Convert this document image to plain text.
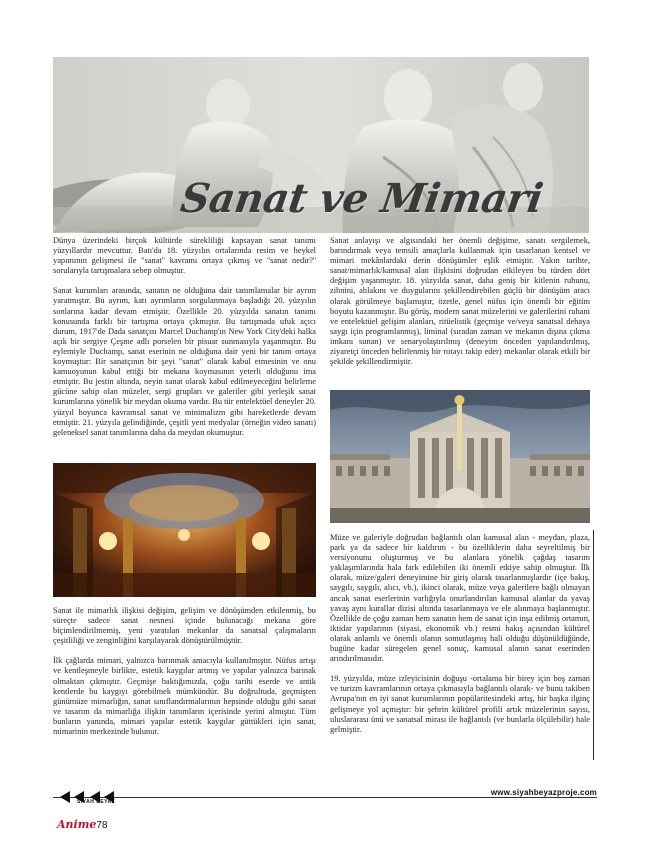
Sanat ve Mimari

Dünya üzerindeki birçok kültürde sürekliliği kapsayan sanat tanımı yüzyıllardır mevcuttur. Batı'da 18. yüzyılın ortalarında resim ve heykel yapımının gelişmesi ile "sanat" kavramı ortaya çıkmış ve ''sanat nedir?'' sorularıyla tartışmalara sebep olmuştur.

Sanat kurumları arasında, sanatın ne olduğuna dair tanımlamalar bir ayrım yaratmıştır. Bu ayrım, katı ayrımların sorgulanmaya başladığı 20. yüzyılın sonlarına kadar devam etmiştir. Özellikle 20. yüzyılda sanatın tanımı konusunda farklı bir tartışma ortaya çıkmıştır. Bu tartışmada ufuk açıcı durum, 1917'de Dada sanatçısı Marcel Duchamp'ın New York City'deki halka açık bir sergiye Çeşme adlı porselen bir pisuar sunmasıyla yaşanmıştır. Bu eylemiyle Duchamp, sanat eserinin ne olduğuna dair yeni bir tanım ortaya koymuştur: Bir sanatçının bir şeyi "sanat" olarak kabul etmesinin ve onu kamuoyunun kabul ettiği bir mekana koymasının yeterli olduğunu ima etmiştir. Bu jestin altında, neyin sanat olarak kabul edilmeyeceğini belirleme gücüne sahip olan müzeler, sergi grupları ve galeriler gibi yerleşik sanat kurumlarına yönelik bir meydan okuma vardır. Bu tür entelektüel deneyler 20. yüzyıl boyunca kavramsal sanat ve minimalizm gibi hareketlerde devam etmiştir. 21. yüzyıla gelindiğinde, çeşitli yeni medyalar (örneğin video sanatı) geleneksel sanat tanımlarına daha da meydan okumuştur.

Sanat ile mimarlık ilişkisi değişim, gelişim ve dönüşümden etkilenmiş, bu süreçte sadece sanat nesnesi içinde bulunacağı mekana göre biçimlendirilmemiş, yeni yaratılan mekanlar da sanatsal çalışmaların çeşitliliği ve zenginliğini karşılayarak dönüştürülmüştür.

İlk çağlarda mimari, yalnızca barınmak amacıyla kullanılmıştır. Nüfus artışı ve kentleşmeyle birlikte, estetik kaygılar artmış ve yapılar yalnızca barınak olmaktan çıkmıştır. Geçmişe baktığımızda, çoğu tarihi eserde ve antik kentlerde bu kaygıyı görebilmek mümkündür. Bu doğrultuda, geçmişten günümüze mimarlığın, sanat sınıflandırmalarının hepsinde olduğu gibi sanat ve tasarım da mimarlığa ilişkin tanımların içerisinde yerini almıştır. Tüm bunların yanında, mimari yapılar estetik kaygılar güttükleri için sanat, mimarinin merkezinde bulunur.

Sanat anlayışı ve algısındaki her önemli değişime, sanatı sergilemek, barındırmak veya temsili amaçlarla kullanmak için tasarlanan kentsel ve mimari mekânlardaki derin dönüşümler eşlik etmiştir. Yakın tarihte, sanat/mimarlık/kamusal alan ilişkisini doğrudan etkileyen bu türden dört değişim yaşanmıştır. 18. yüzyılda sanat, daha geniş bir kitlenin ruhunu, zihnini, ahlakını ve duygularını şekillendirebilen güçlü bir dönüşüm aracı olarak görülmeye başlamıştır, özetle, genel nüfus için önemli bir eğitim boyutu kazanmıştır. Bu görüş, modern sanat müzelerini ve galerilerini ruhani ve entelektüel gelişim alanları, ritüelistik (geçmişe ve/veya sanatsal dehaya saygı için programlanmış), liminal (sıradan zaman ve mekanın dışına çıkma imkanı sunan) ve senaryolaştırılmış (deneyim önceden yapılandırılmış, ziyaretçi önceden belirlenmiş bir rotayı takip eder) mekanlar olarak etkili bir şekilde şekillendirmiştir.

Müze ve galeriyle doğrudan bağlantılı olan kamusal alan - meydan, plaza, park ya da sadece bir kaldırım - bu özelliklerin daha seyreltilmiş bir versiyonunu oluşturmuş ve bu alanlara yönelik çağdaş tasarım yaklaşımlarında hala fark edilebilen iki önemli etkiye sahip olmuştur. İlk olarak, müze/galeri deneyimine bir giriş olarak tasarlanmışlardır (içe bakış, saygılı, saygılı, alıcı, vb.), ikinci olarak, müze veya galerilere bağlı olmayan ancak sanat eserlerinin varlığıyla onurlandırılan kamusal alanlar da yavaş yavaş aynı kurallar dizisi altında tasarlanmaya ve ele alınmaya başlanmıştır. Özellikle de çoğu zaman hem sanatın hem de sanat için inşa edilmiş ortamın, iktidar yapılarının (siyasi, ekonomik vb.) resmi bakış açısından kültürel olarak anlamlı ve önemli olanın somutlaşmış hali olduğu düşünüldüğünde, bugüne kadar süregelen genel sonuç, kamusal alanın sanat eserinden arındırılmasıdır.

19. yüzyılda, müze izleyicisinin doğuşu -ortalama bir birey için boş zaman ve turizm kavramlarının ortaya çıkmasıyla bağlantılı olarak- ve bunu takiben Avrupa'nın en iyi sanat kurumlarının popülaritesindeki artış, bir başka ilginç gelişmeye yol açmıştır: bir şehrin kültürel profili artık müzelerinin sayısı, uluslararası ünü ve sanatsal mirası ile bağlantılı (ve bunlarla ölçülebilir) hale gelmiştir.

SİYAH BEYAZ
www.siyahbeyazproje.com
Anime78
